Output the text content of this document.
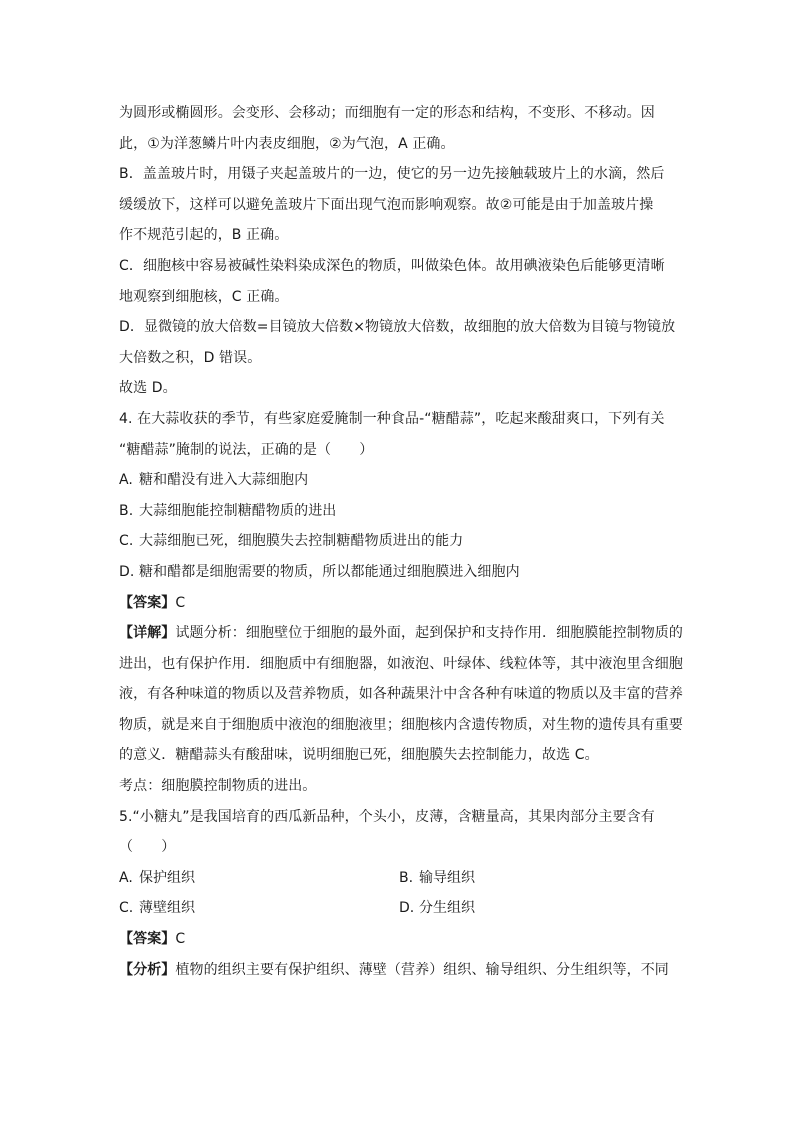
为圆形或椭圆形。会变形、会移动；而细胞有一定的形态和结构，不变形、不移动。因
此，①为洋葱鳞片叶内表皮细胞，②为气泡，A 正确。
B．盖盖玻片时，用镊子夹起盖玻片的一边，使它的另一边先接触载玻片上的水滴，然后
缓缓放下，这样可以避免盖玻片下面出现气泡而影响观察。故②可能是由于加盖玻片操
作不规范引起的，B 正确。
C．细胞核中容易被碱性染料染成深色的物质，叫做染色体。故用碘液染色后能够更清晰
地观察到细胞核，C 正确。
D．显微镜的放大倍数=目镜放大倍数×物镜放大倍数，故细胞的放大倍数为目镜与物镜放
大倍数之积，D 错误。
故选 D。
4. 在大蒜收获的季节，有些家庭爱腌制一种食品-“糖醋蒜”，吃起来酸甜爽口，下列有关
“糖醋蒜”腌制的说法，正确的是（　　）
A. 糖和醋没有进入大蒜细胞内
B. 大蒜细胞能控制糖醋物质的进出
C. 大蒜细胞已死，细胞膜失去控制糖醋物质进出的能力
D. 糖和醋都是细胞需要的物质，所以都能通过细胞膜进入细胞内
【答案】C
【详解】试题分析：细胞壁位于细胞的最外面，起到保护和支持作用．细胞膜能控制物质的
进出，也有保护作用．细胞质中有细胞器，如液泡、叶绿体、线粒体等，其中液泡里含细胞
液，有各种味道的物质以及营养物质，如各种蔬果汁中含各种有味道的物质以及丰富的营养
物质，就是来自于细胞质中液泡的细胞液里；细胞核内含遗传物质，对生物的遗传具有重要
的意义．糖醋蒜头有酸甜味，说明细胞已死，细胞膜失去控制能力，故选 C。
考点：细胞膜控制物质的进出。
5.“小糖丸”是我国培育的西瓜新品种，个头小，皮薄，含糖量高，其果肉部分主要含有
（　　）
A. 保护组织	B. 输导组织
C. 薄壁组织	D. 分生组织
【答案】C
【分析】植物的组织主要有保护组织、薄壁（营养）组织、输导组织、分生组织等，不同
